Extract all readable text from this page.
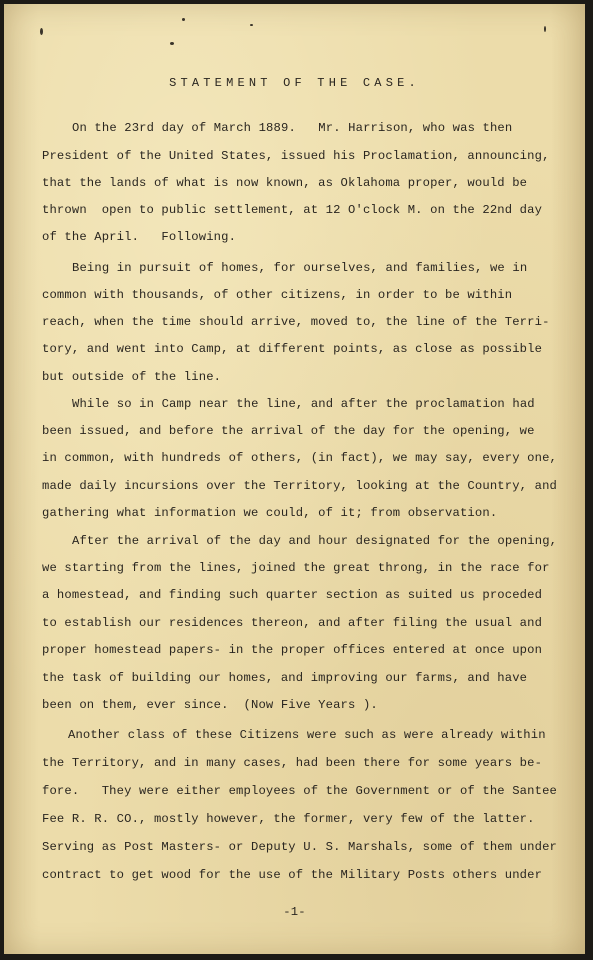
STATEMENT OF THE CASE.
On the 23rd day of March 1889.   Mr. Harrison, who was then
President of the United States, issued his Proclamation, announcing,
that the lands of what is now known, as Oklahoma proper, would be
thrown  open to public settlement, at 12 O'clock M. on the 22nd day
of the April.   Following.
Being in pursuit of homes, for ourselves, and families, we in
common with thousands, of other citizens, in order to be within
reach, when the time should arrive, moved to, the line of the Terri-
tory, and went into Camp, at different points, as close as possible
but outside of the line.
While so in Camp near the line, and after the proclamation had
been issued, and before the arrival of the day for the opening, we
in common, with hundreds of others, (in fact), we may say, every one,
made daily incursions over the Territory, looking at the Country, and
gathering what information we could, of it; from observation.
After the arrival of the day and hour designated for the opening,
we starting from the lines, joined the great throng, in the race for
a homestead, and finding such quarter section as suited us proceded
to establish our residences thereon, and after filing the usual and
proper homestead papers- in the proper offices entered at once upon
the task of building our homes, and improving our farms, and have
been on them, ever since.  (Now Five Years ).
Another class of these Citizens were such as were already within
the Territory, and in many cases, had been there for some years be-
fore.   They were either employees of the Government or of the Santee
Fee R. R. CO., mostly however, the former, very few of the latter.
Serving as Post Masters- or Deputy U. S. Marshals, some of them under
contract to get wood for the use of the Military Posts others under
-1-
